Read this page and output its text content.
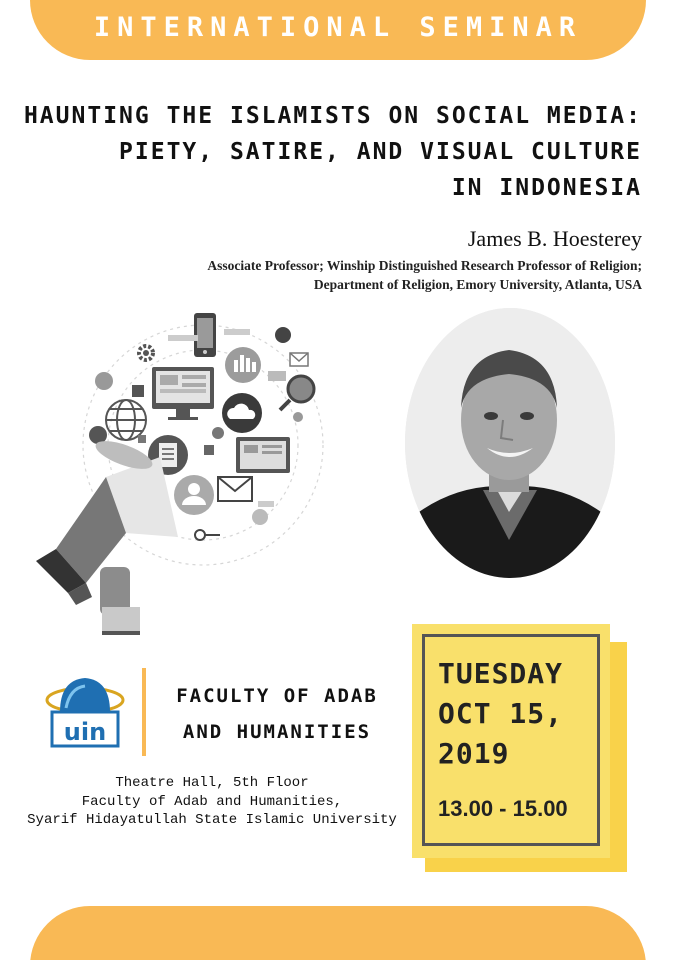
INTERNATIONAL SEMINAR
HAUNTING THE ISLAMISTS ON SOCIAL MEDIA:
PIETY, SATIRE, AND VISUAL CULTURE
IN INDONESIA
James B. Hoesterey
Associate Professor; Winship Distinguished Research Professor of Religion;
Department of Religion, Emory University, Atlanta, USA
uin
FACULTY OF ADAB
AND HUMANITIES
Theatre Hall, 5th Floor
Faculty of Adab and Humanities,
Syarif Hidayatullah State Islamic University
TUESDAY
OCT 15,
2019
13.00 - 15.00
